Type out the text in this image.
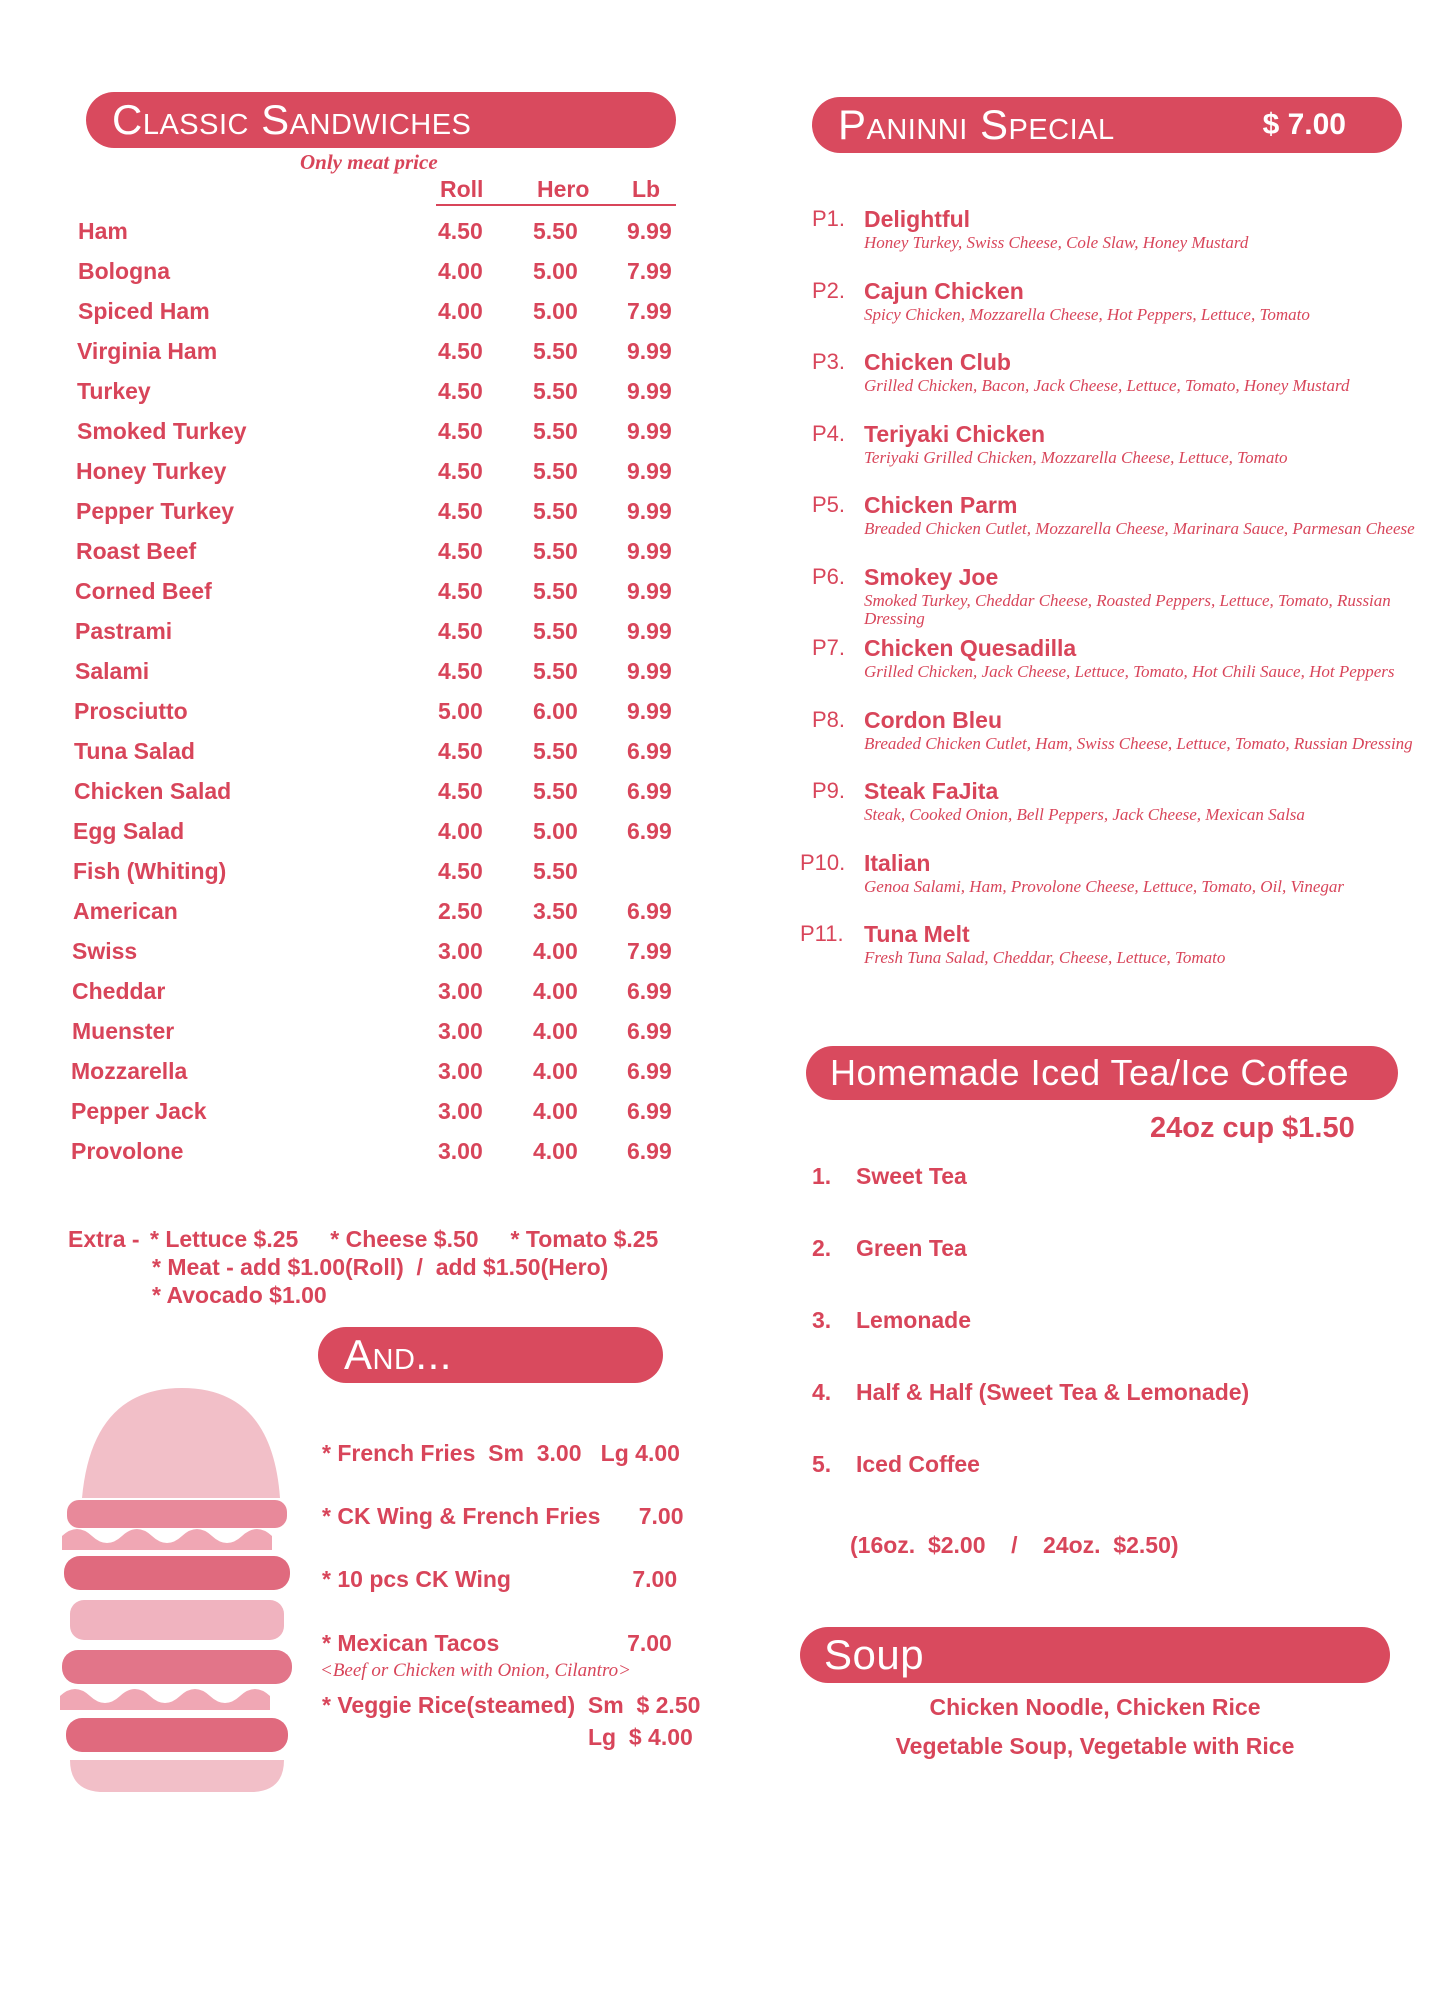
Classic Sandwiches
Only meat price
Roll Hero Lb
Ham	4.50	5.50	9.99
Bologna	4.00	5.00	7.99
Spiced Ham	4.00	5.00	7.99
Virginia Ham	4.50	5.50	9.99
Turkey	4.50	5.50	9.99
Smoked Turkey	4.50	5.50	9.99
Honey Turkey	4.50	5.50	9.99
Pepper Turkey	4.50	5.50	9.99
Roast Beef	4.50	5.50	9.99
Corned Beef	4.50	5.50	9.99
Pastrami	4.50	5.50	9.99
Salami	4.50	5.50	9.99
Prosciutto	5.00	6.00	9.99
Tuna Salad	4.50	5.50	6.99
Chicken Salad	4.50	5.50	6.99
Egg Salad	4.00	5.00	6.99
Fish (Whiting)	4.50	5.50
American	2.50	3.50	6.99
Swiss	3.00	4.00	7.99
Cheddar	3.00	4.00	6.99
Muenster	3.00	4.00	6.99
Mozzarella	3.00	4.00	6.99
Pepper Jack	3.00	4.00	6.99
Provolone	3.00	4.00	6.99
Extra - * Lettuce $.25     * Cheese $.50     * Tomato $.25
* Meat - add $1.00(Roll)  /  add $1.50(Hero)
* Avocado $1.00
And...
* French Fries  Sm  3.00   Lg 4.00
* CK Wing & French Fries      7.00
* 10 pcs CK Wing                   7.00
* Mexican Tacos                    7.00
<Beef or Chicken with Onion, Cilantro>
* Veggie Rice(steamed)  Sm  $ 2.50
Lg  $ 4.00
Paninni Special	$ 7.00
P1. Delightful
Honey Turkey, Swiss Cheese, Cole Slaw, Honey Mustard
P2. Cajun Chicken
Spicy Chicken, Mozzarella Cheese, Hot Peppers, Lettuce, Tomato
P3. Chicken Club
Grilled Chicken, Bacon, Jack Cheese, Lettuce, Tomato, Honey Mustard
P4. Teriyaki Chicken
Teriyaki Grilled Chicken, Mozzarella Cheese, Lettuce, Tomato
P5. Chicken Parm
Breaded Chicken Cutlet, Mozzarella Cheese, Marinara Sauce, Parmesan Cheese
P6. Smokey Joe
Smoked Turkey, Cheddar Cheese, Roasted Peppers, Lettuce, Tomato, Russian Dressing
P7. Chicken Quesadilla
Grilled Chicken, Jack Cheese, Lettuce, Tomato, Hot Chili Sauce, Hot Peppers
P8. Cordon Bleu
Breaded Chicken Cutlet, Ham, Swiss Cheese, Lettuce, Tomato, Russian Dressing
P9. Steak FaJita
Steak, Cooked Onion, Bell Peppers, Jack Cheese, Mexican Salsa
P10. Italian
Genoa Salami, Ham, Provolone Cheese, Lettuce, Tomato, Oil, Vinegar
P11. Tuna Melt
Fresh Tuna Salad, Cheddar, Cheese, Lettuce, Tomato
Homemade Iced Tea/Ice Coffee
24oz cup $1.50
1. Sweet Tea
2. Green Tea
3. Lemonade
4. Half & Half (Sweet Tea & Lemonade)
5. Iced Coffee
(16oz.  $2.00    /    24oz.  $2.50)
Soup
Chicken Noodle, Chicken Rice
Vegetable Soup, Vegetable with Rice
